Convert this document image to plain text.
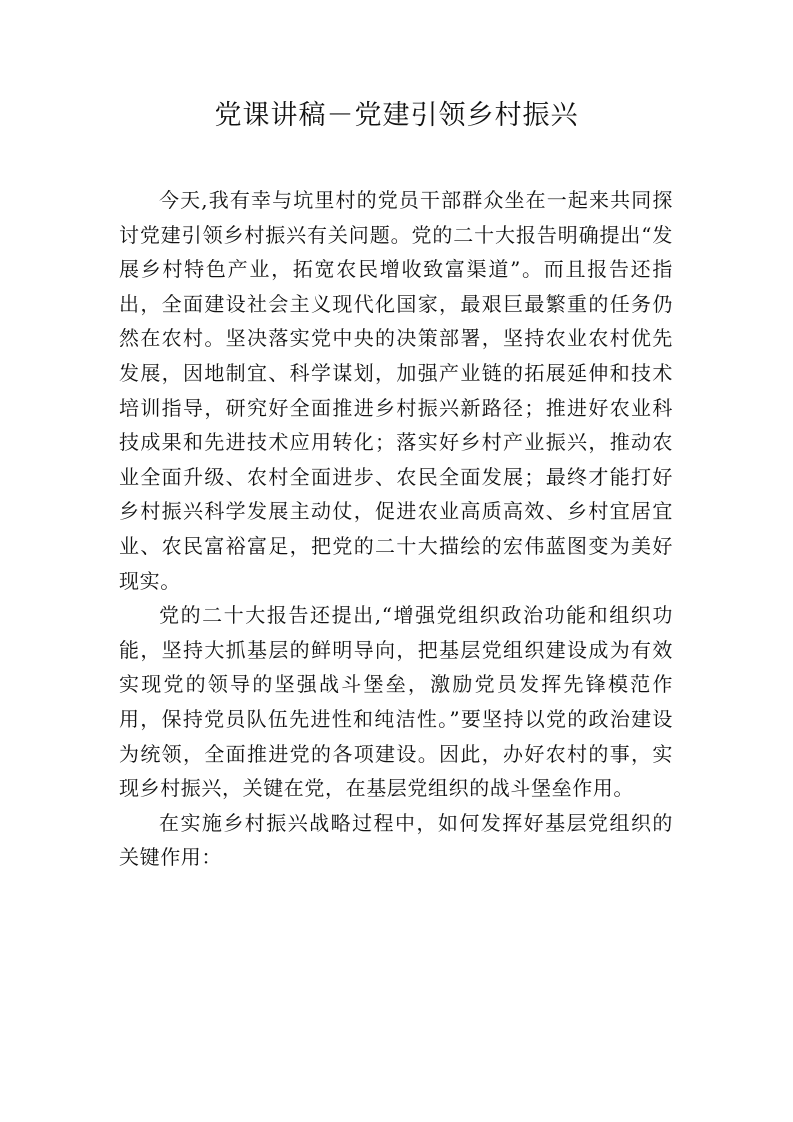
党课讲稿－党建引领乡村振兴

今天,我有幸与坑里村的党员干部群众坐在一起来共同探讨党建引领乡村振兴有关问题。党的二十大报告明确提出“发展乡村特色产业，拓宽农民增收致富渠道”。而且报告还指出，全面建设社会主义现代化国家，最艰巨最繁重的任务仍然在农村。坚决落实党中央的决策部署，坚持农业农村优先发展，因地制宜、科学谋划，加强产业链的拓展延伸和技术培训指导，研究好全面推进乡村振兴新路径；推进好农业科技成果和先进技术应用转化；落实好乡村产业振兴，推动农业全面升级、农村全面进步、农民全面发展；最终才能打好乡村振兴科学发展主动仗，促进农业高质高效、乡村宜居宜业、农民富裕富足，把党的二十大描绘的宏伟蓝图变为美好现实。

党的二十大报告还提出,“增强党组织政治功能和组织功能，坚持大抓基层的鲜明导向，把基层党组织建设成为有效实现党的领导的坚强战斗堡垒，激励党员发挥先锋模范作用，保持党员队伍先进性和纯洁性。”要坚持以党的政治建设为统领，全面推进党的各项建设。因此，办好农村的事，实现乡村振兴，关键在党，在基层党组织的战斗堡垒作用。

在实施乡村振兴战略过程中，如何发挥好基层党组织的关键作用：
